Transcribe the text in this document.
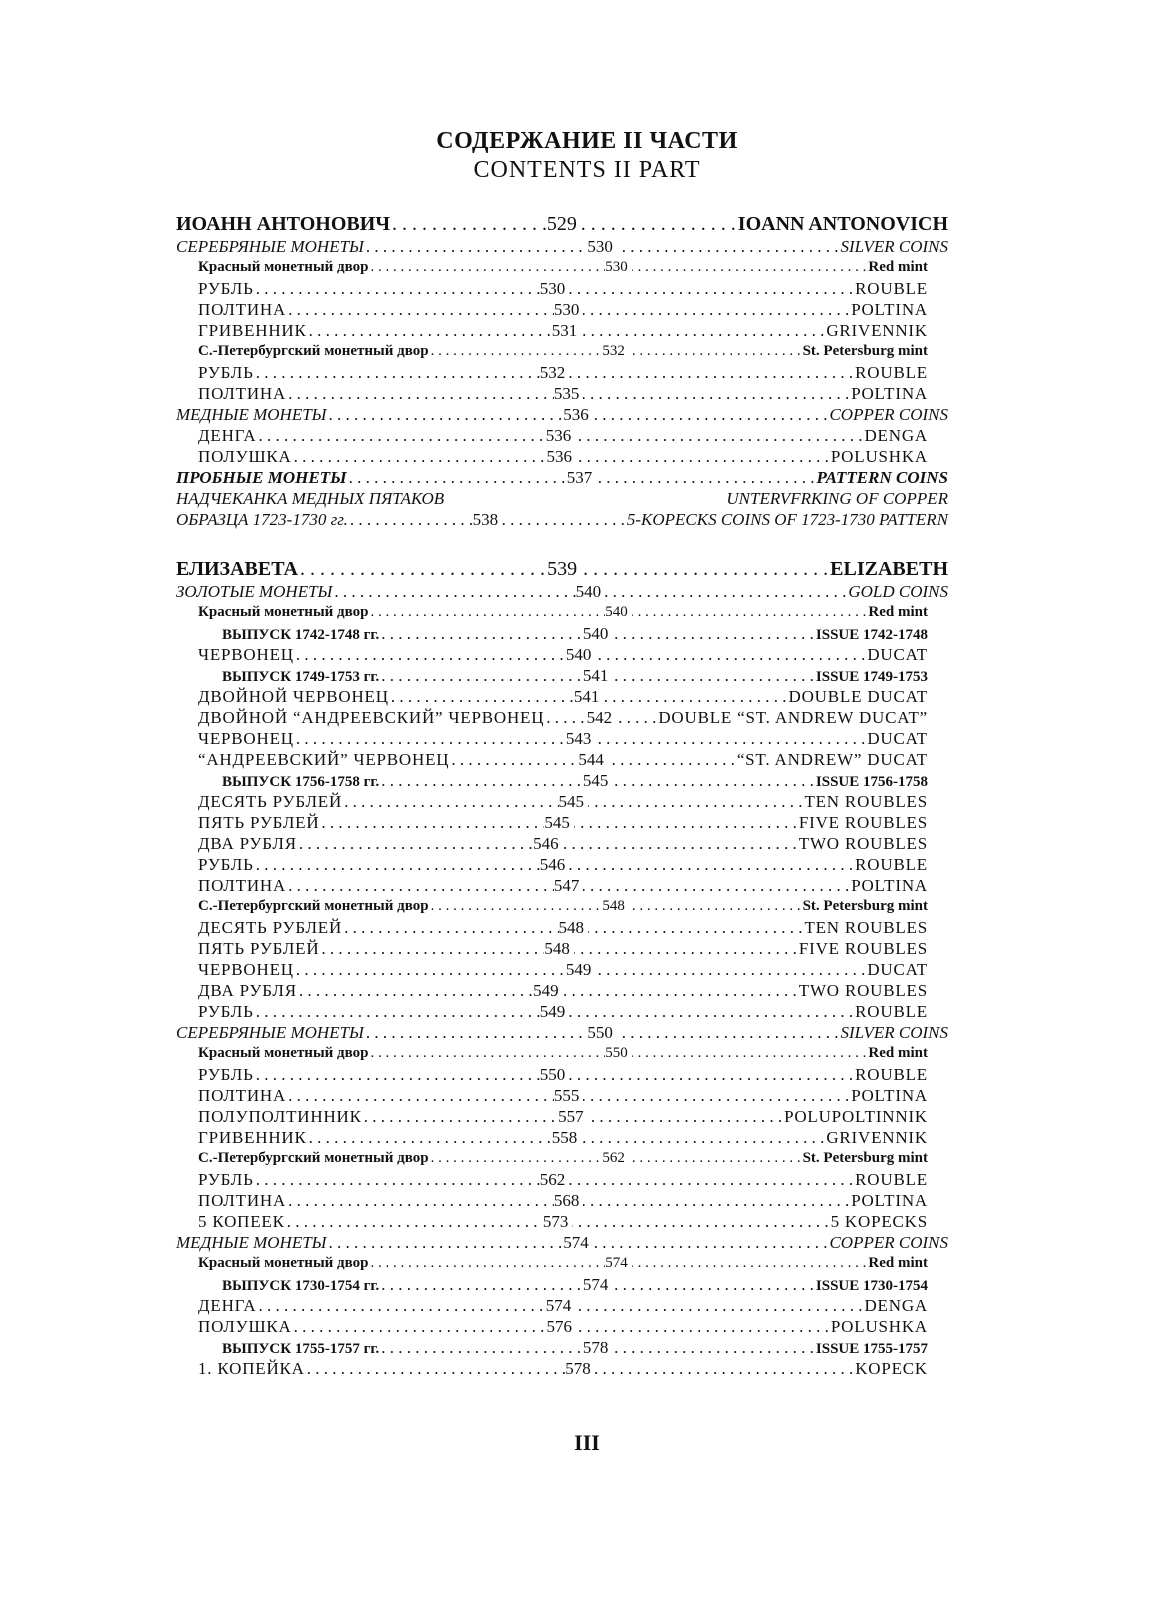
СОДЕРЖАНИЕ II ЧАСТИ
CONTENTS II PART
ИОАНН АНТОНОВИЧ . . .	529 . . .	IOANN ANTONOVICH
СЕРЕБРЯНЫЕ МОНЕТЫ . . .	530 . . .	SILVER COINS
Красный монетный двор . . .	530 . . .	Red mint
РУБЛЬ . . .	530 . . .	ROUBLE
ПОЛТИНА . . .	530 . . .	POLTINA
ГРИВЕННИК . . .	531 . . .	GRIVENNIK
С.-Петербургский монетный двор . . .	532 . . .	St. Petersburg mint
РУБЛЬ . . .	532 . . .	ROUBLE
ПОЛТИНА . . .	535 . . .	POLTINA
МЕДНЫЕ МОНЕТЫ . . .	536 . . .	COPPER COINS
ДЕНГА . . .	536 . . .	DENGA
ПОЛУШКА . . .	536 . . .	POLUSHKA
ПРОБНЫЕ МОНЕТЫ . . .	537 . . .	PATTERN COINS
НАДЧЕКАНКА МЕДНЫХ ПЯТАКОВ	UNTERVFRKING OF COPPER
ОБРАЗЦА 1723-1730 гг. . . .	538 . . .	5-KOPECKS COINS OF 1723-1730 PATTERN
ЕЛИЗАВЕТА . . .	539 . . .	ELIZABETH
ЗОЛОТЫЕ МОНЕТЫ . . .	540 . . .	GOLD COINS
Красный монетный двор . . .	540 . . .	Red mint
ВЫПУСК 1742-1748 гг. . . .	540 . . .	ISSUE 1742-1748
ЧЕРВОНЕЦ . . .	540 . . .	DUCAT
ВЫПУСК 1749-1753 гг. . . .	541 . . .	ISSUE 1749-1753
ДВОЙНОЙ ЧЕРВОНЕЦ . . .	541 . . .	DOUBLE DUCAT
ДВОЙНОЙ “АНДРЕЕВСКИЙ” ЧЕРВОНЕЦ . . . 542 . . .	DOUBLE “ST. ANDREW DUCAT”
ЧЕРВОНЕЦ . . .	543 . . .	DUCAT
“АНДРЕЕВСКИЙ” ЧЕРВОНЕЦ . . .	544 . . .	“ST. ANDREW” DUCAT
ВЫПУСК 1756-1758 гг. . . .	545 . . .	ISSUE 1756-1758
ДЕСЯТЬ РУБЛЕЙ . . .	545 . . .	TEN ROUBLES
ПЯТЬ РУБЛЕЙ . . .	545 . . .	FIVE ROUBLES
ДВА РУБЛЯ . . .	546 . . .	TWO ROUBLES
РУБЛЬ . . .	546 . . .	ROUBLE
ПОЛТИНА . . .	547 . . .	POLTINA
С.-Петербургский монетный двор . . .	548 . . .	St. Petersburg mint
ДЕСЯТЬ РУБЛЕЙ . . .	548 . . .	TEN ROUBLES
ПЯТЬ РУБЛЕЙ . . .	548 . . .	FIVE ROUBLES
ЧЕРВОНЕЦ . . .	549 . . .	DUCAT
ДВА РУБЛЯ . . .	549 . . .	TWO ROUBLES
РУБЛЬ . . .	549 . . .	ROUBLE
СЕРЕБРЯНЫЕ МОНЕТЫ . . .	550 . . .	SILVER COINS
Красный монетный двор . . .	550 . . .	Red mint
РУБЛЬ . . .	550 . . .	ROUBLE
ПОЛТИНА . . .	555 . . .	POLTINA
ПОЛУПОЛТИННИК . . .	557 . . .	POLUPOLTINNIK
ГРИВЕННИК . . .	558 . . .	GRIVENNIK
С.-Петербургский монетный двор . . .	562 . . .	St. Petersburg mint
РУБЛЬ . . .	562 . . .	ROUBLE
ПОЛТИНА . . .	568 . . .	POLTINA
5 КОПЕЕК . . .	573 . . .	5 KOPECKS
МЕДНЫЕ МОНЕТЫ . . .	574 . . .	COPPER COINS
Красный монетный двор . . .	574 . . .	Red mint
ВЫПУСК 1730-1754 гг. . . .	574 . . .	ISSUE 1730-1754
ДЕНГА . . .	574 . . .	DENGA
ПОЛУШКА . . .	576 . . .	POLUSHKA
ВЫПУСК 1755-1757 гг. . . .	578 . . .	ISSUE 1755-1757
1. КОПЕЙКА . . .	578 . . .	KOPECK
III
